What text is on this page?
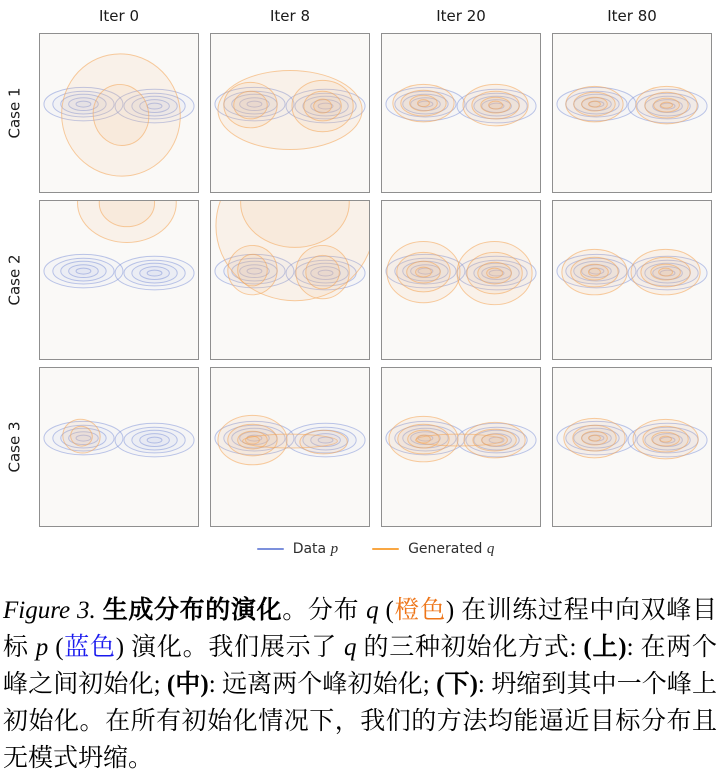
Iter 0	Iter 8	Iter 20	Iter 80
Case 1
Case 2
Case 3
Data p	Generated q

Figure 3. 生成分布的演化。分布 q (橙色) 在训练过程中向双峰目标 p (蓝色) 演化。我们展示了 q 的三种初始化方式: (上): 在两个峰之间初始化; (中): 远离两个峰初始化; (下): 坍缩到其中一个峰上初始化。在所有初始化情况下，我们的方法均能逼近目标分布且无模式坍缩。
